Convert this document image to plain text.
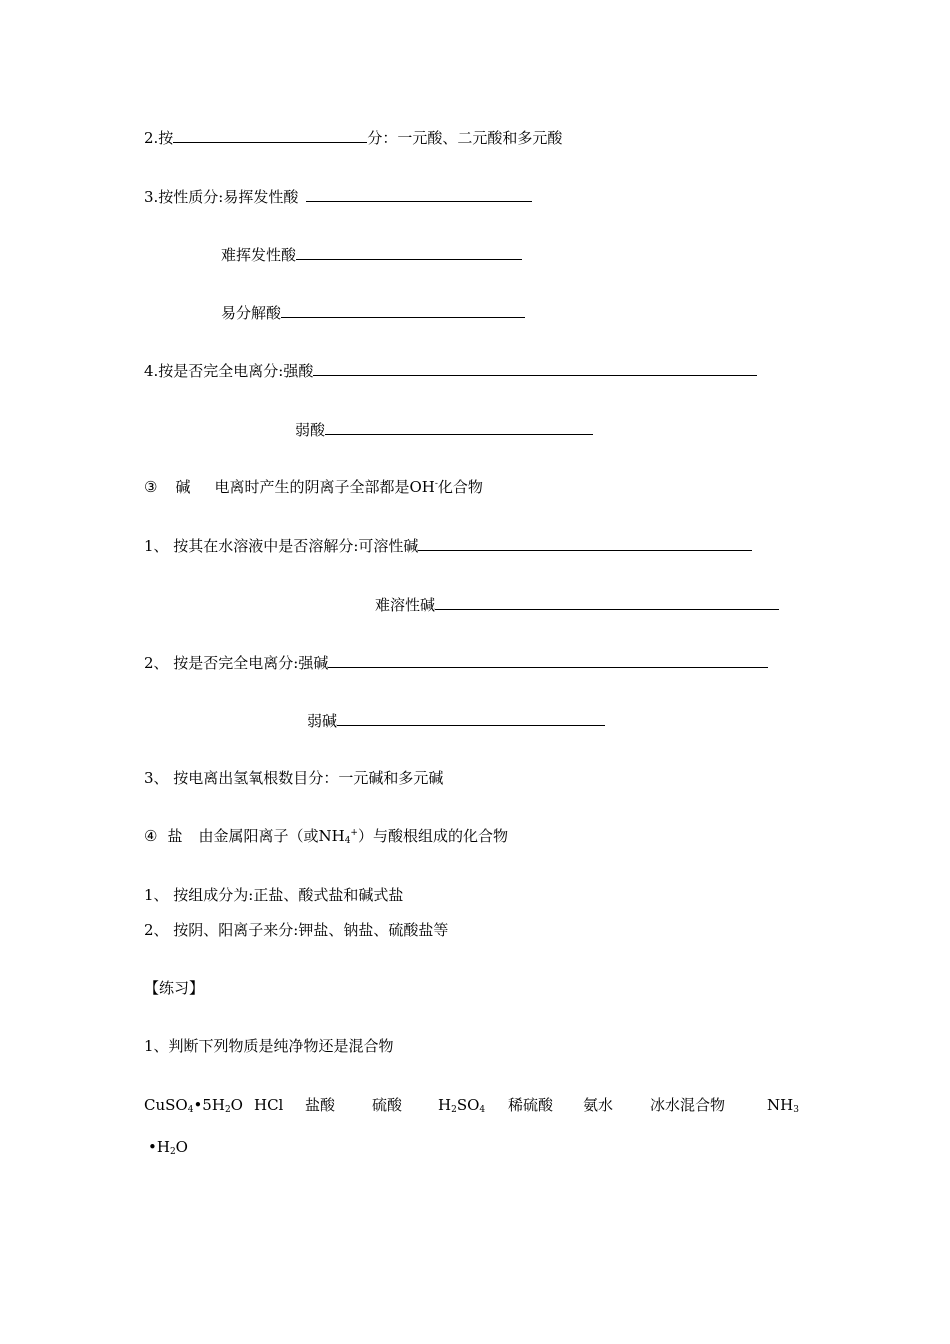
2.按	分：一元酸、二元酸和多元酸
3.按性质分:易挥发性酸
难挥发性酸
易分解酸
4.按是否完全电离分:强酸
弱酸
③ 碱 电离时产生的阴离子全部都是OH-化合物
1、 按其在水溶液中是否溶解分:可溶性碱
难溶性碱
2、 按是否完全电离分:强碱
弱碱
3、 按电离出氢氧根数目分：一元碱和多元碱
④ 盐 由金属阳离子（或$NH_4^+$）与酸根组成的化合物
1、 按组成分为:正盐、酸式盐和碱式盐
2、 按阴、阳离子来分:钾盐、钠盐、硫酸盐等
【练习】
1、判断下列物质是纯净物还是混合物
$CuSO_4•5H_2O$ HCl 盐酸 硫酸 $H_2SO_4$ 稀硫酸 氨水 冰水混合物	$NH_3$
$•H_2O$
